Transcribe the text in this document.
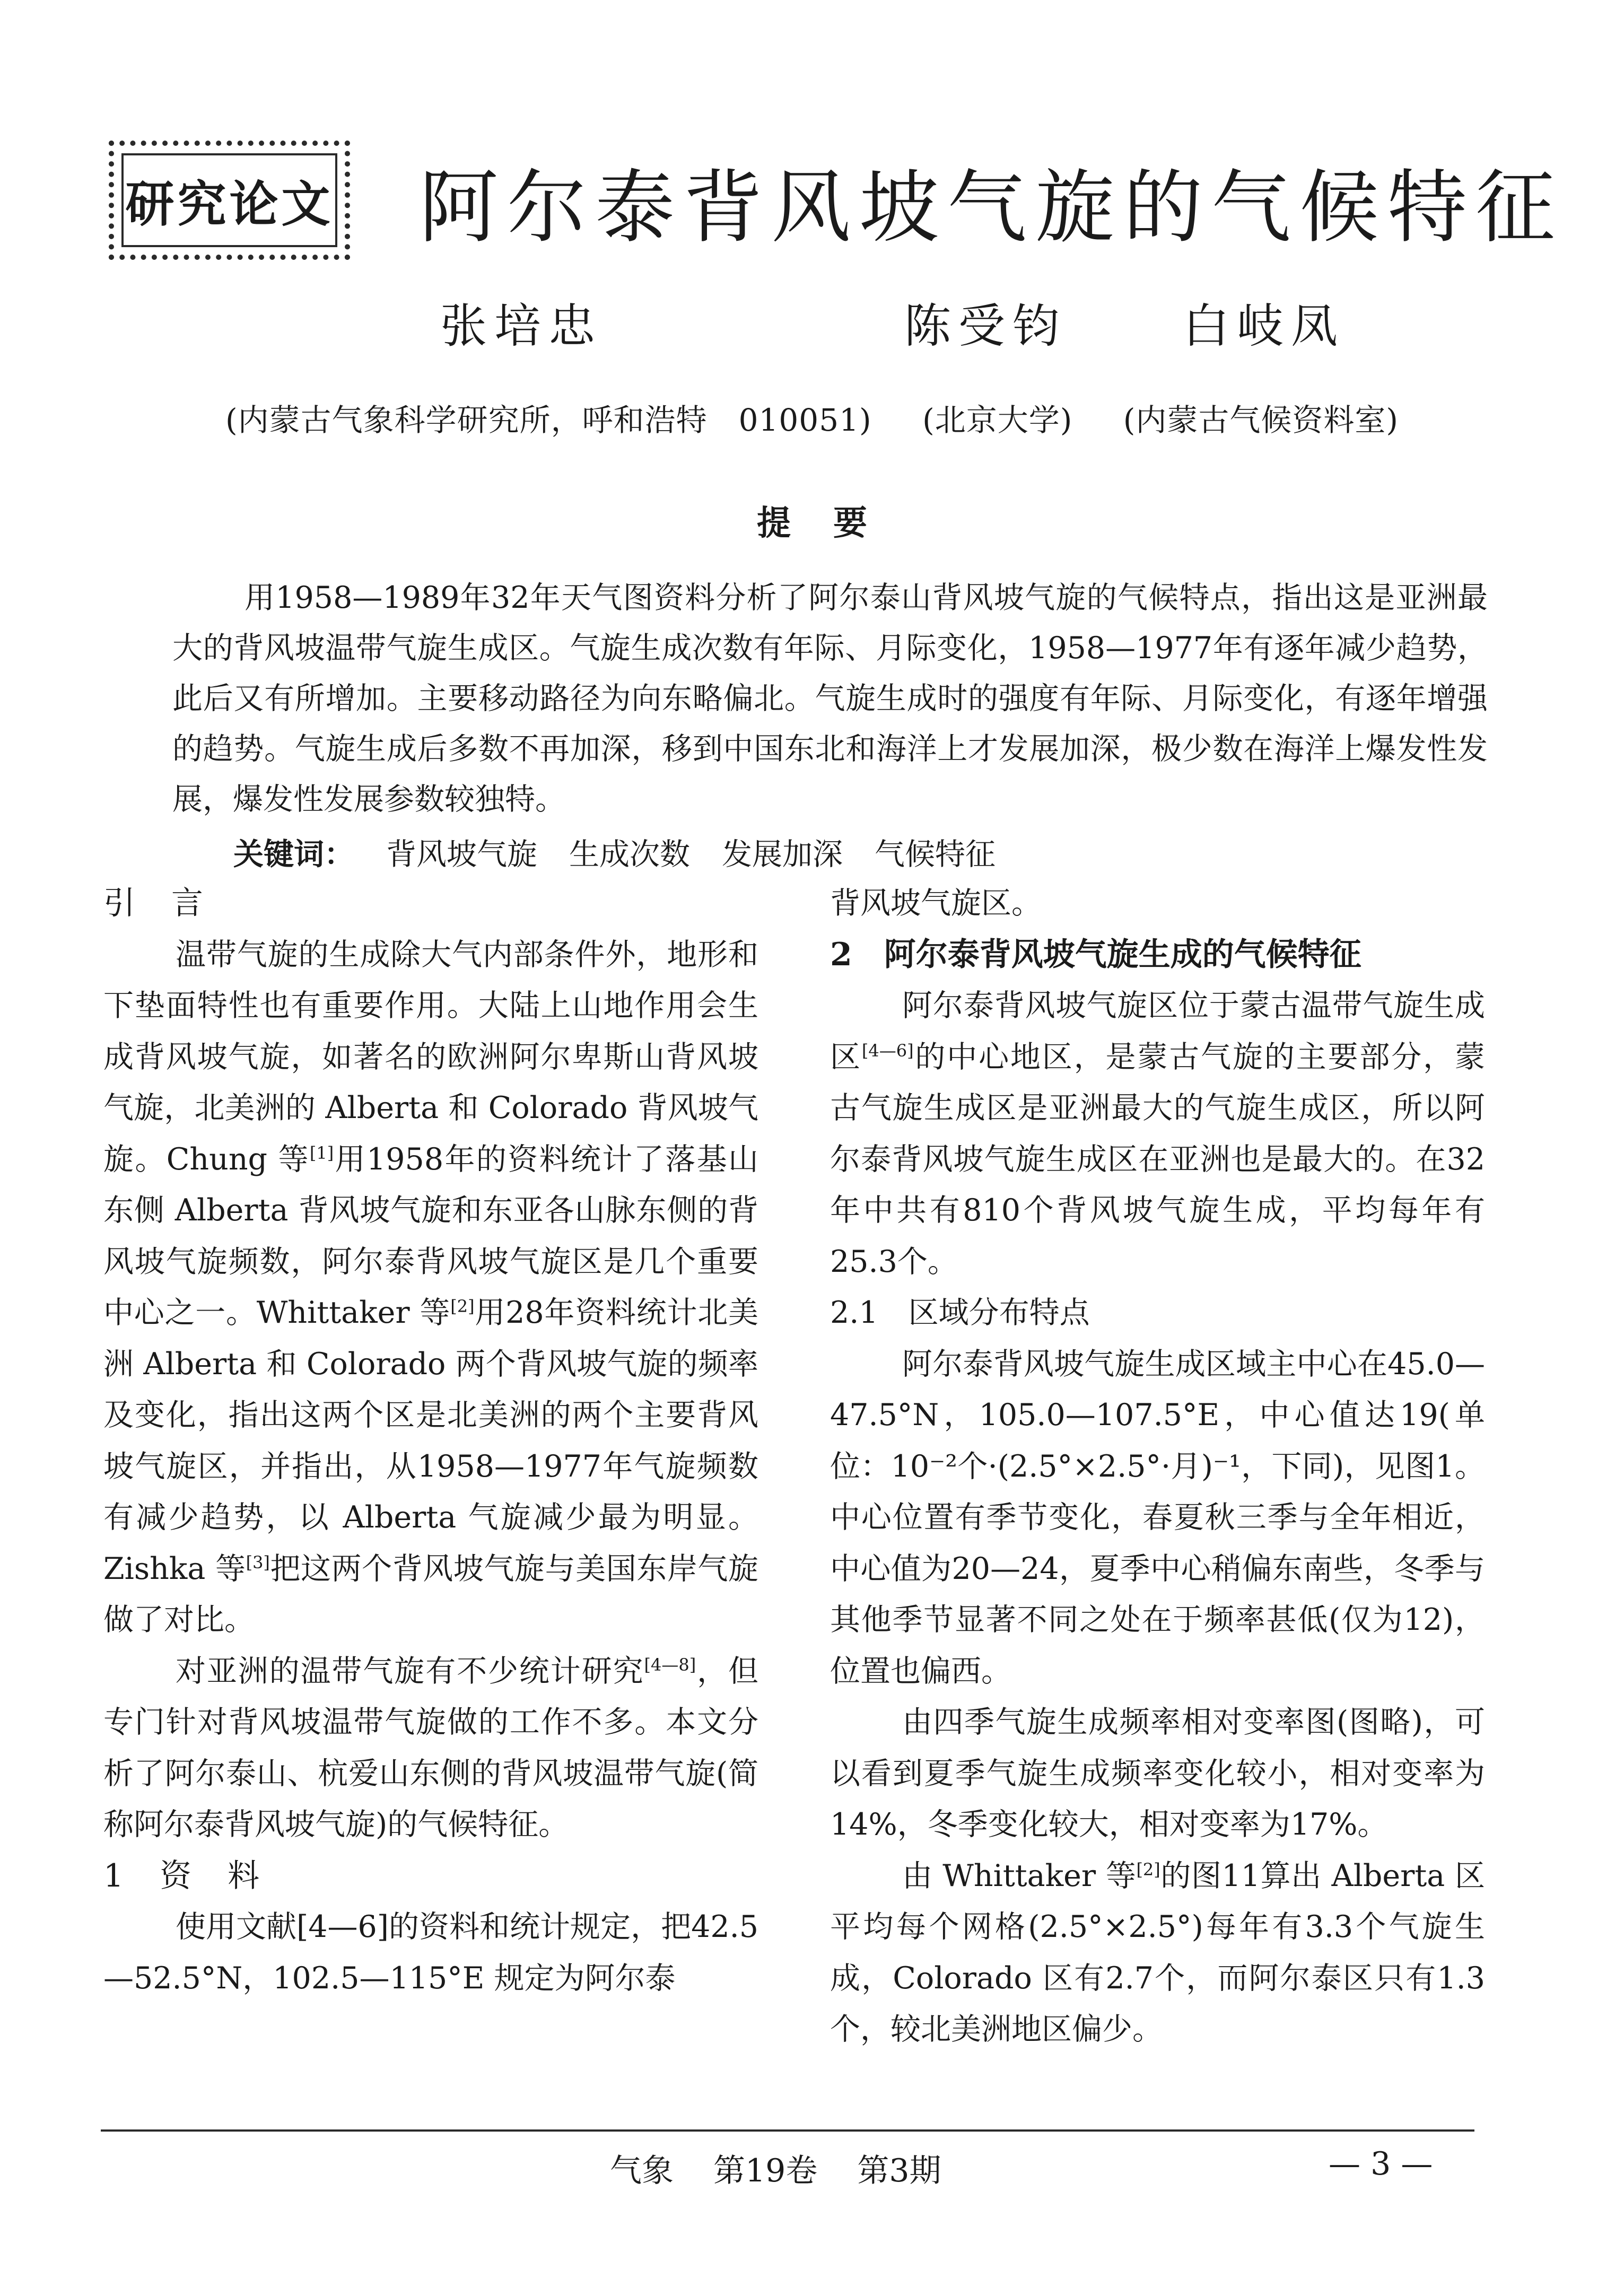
研究论文 阿尔泰背风坡气旋的气候特征
张培忠	陈受钧 白岐凤
(内蒙古气象科学研究所，呼和浩特　010051) (北京大学) (内蒙古气候资料室)
提要
用1958—1989年32年天气图资料分析了阿尔泰山背风坡气旋的气候特点，指出这是亚洲最大的背风坡温带气旋生成区。气旋生成次数有年际、月际变化，1958—1977年有逐年减少趋势，此后又有所增加。主要移动路径为向东略偏北。气旋生成时的强度有年际、月际变化，有逐年增强的趋势。气旋生成后多数不再加深，移到中国东北和海洋上才发展加深，极少数在海洋上爆发性发展，爆发性发展参数较独特。
关键词： 背风坡气旋 生成次数 发展加深 气候特征
引　言

温带气旋的生成除大气内部条件外，地形和下垫面特性也有重要作用。大陆上山地作用会生成背风坡气旋，如著名的欧洲阿尔卑斯山背风坡气旋，北美洲的 Alberta 和 Colorado 背风坡气旋。Chung 等[1]用1958年的资料统计了落基山东侧 Alberta 背风坡气旋和东亚各山脉东侧的背风坡气旋频数，阿尔泰背风坡气旋区是几个重要中心之一。Whittaker 等[2]用28年资料统计北美洲 Alberta 和 Colorado 两个背风坡气旋的频率及变化，指出这两个区是北美洲的两个主要背风坡气旋区，并指出，从1958—1977年气旋频数有减少趋势，以 Alberta 气旋减少最为明显。Zishka 等[3]把这两个背风坡气旋与美国东岸气旋做了对比。

对亚洲的温带气旋有不少统计研究[4—8]，但专门针对背风坡温带气旋做的工作不多。本文分析了阿尔泰山、杭爱山东侧的背风坡温带气旋(简称阿尔泰背风坡气旋)的气候特征。

1　资　料

使用文献[4—6]的资料和统计规定，把42.5—52.5°N，102.5—115°E 规定为阿尔泰

背风坡气旋区。

2　阿尔泰背风坡气旋生成的气候特征

阿尔泰背风坡气旋区位于蒙古温带气旋生成区[4—6]的中心地区，是蒙古气旋的主要部分，蒙古气旋生成区是亚洲最大的气旋生成区，所以阿尔泰背风坡气旋生成区在亚洲也是最大的。在32年中共有810个背风坡气旋生成，平均每年有25.3个。

2.1　区域分布特点

阿尔泰背风坡气旋生成区域主中心在45.0—47.5°N，105.0—107.5°E，中心值达19(单位：10⁻²个·(2.5°×2.5°·月)⁻¹，下同)，见图1。中心位置有季节变化，春夏秋三季与全年相近，中心值为20—24，夏季中心稍偏东南些，冬季与其他季节显著不同之处在于频率甚低(仅为12)，位置也偏西。

由四季气旋生成频率相对变率图(图略)，可以看到夏季气旋生成频率变化较小，相对变率为14%，冬季变化较大，相对变率为17%。

由 Whittaker 等[2]的图11算出 Alberta 区平均每个网格(2.5°×2.5°)每年有3.3个气旋生成，Colorado 区有2.7个，而阿尔泰区只有1.3个，较北美洲地区偏少。

气象 第19卷 第3期	— 3 —
